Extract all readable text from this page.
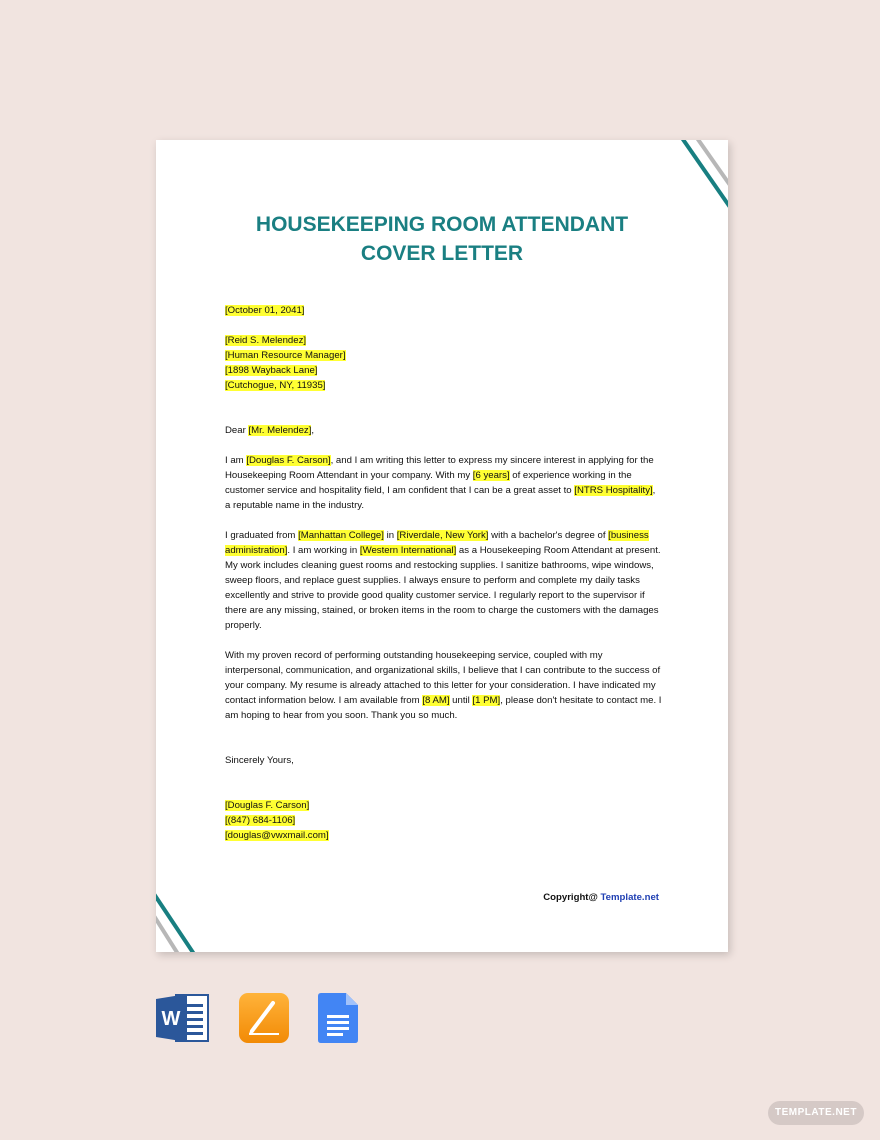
HOUSEKEEPING ROOM ATTENDANT
COVER LETTER

[October 01, 2041]

[Reid S. Melendez]

[Human Resource Manager]

[1898 Wayback Lane]

[Cutchogue, NY, 11935]

Dear [Mr. Melendez],

I am [Douglas F. Carson], and I am writing this letter to express my sincere interest in applying for the Housekeeping Room Attendant in your company. With my [6 years] of experience working in the customer service and hospitality field, I am confident that I can be a great asset to [NTRS Hospitality], a reputable name in the industry.

I graduated from [Manhattan College] in [Riverdale, New York] with a bachelor's degree of [business administration]. I am working in [Western International] as a Housekeeping Room Attendant at present. My work includes cleaning guest rooms and restocking supplies. I sanitize bathrooms, wipe windows, sweep floors, and replace guest supplies. I always ensure to perform and complete my daily tasks excellently and strive to provide good quality customer service. I regularly report to the supervisor if there are any missing, stained, or broken items in the room to charge the customers with the damages properly.

With my proven record of performing outstanding housekeeping service, coupled with my interpersonal, communication, and organizational skills, I believe that I can contribute to the success of your company. My resume is already attached to this letter for your consideration. I have indicated my contact information below. I am available from [8 AM] until [1 PM], please don't hesitate to contact me. I am hoping to hear from you soon. Thank you so much.

Sincerely Yours,

[Douglas F. Carson]

[(847) 684-1106]

[douglas@vwxmail.com]

Copyright@ Template.net
W
TEMPLATE.NET
